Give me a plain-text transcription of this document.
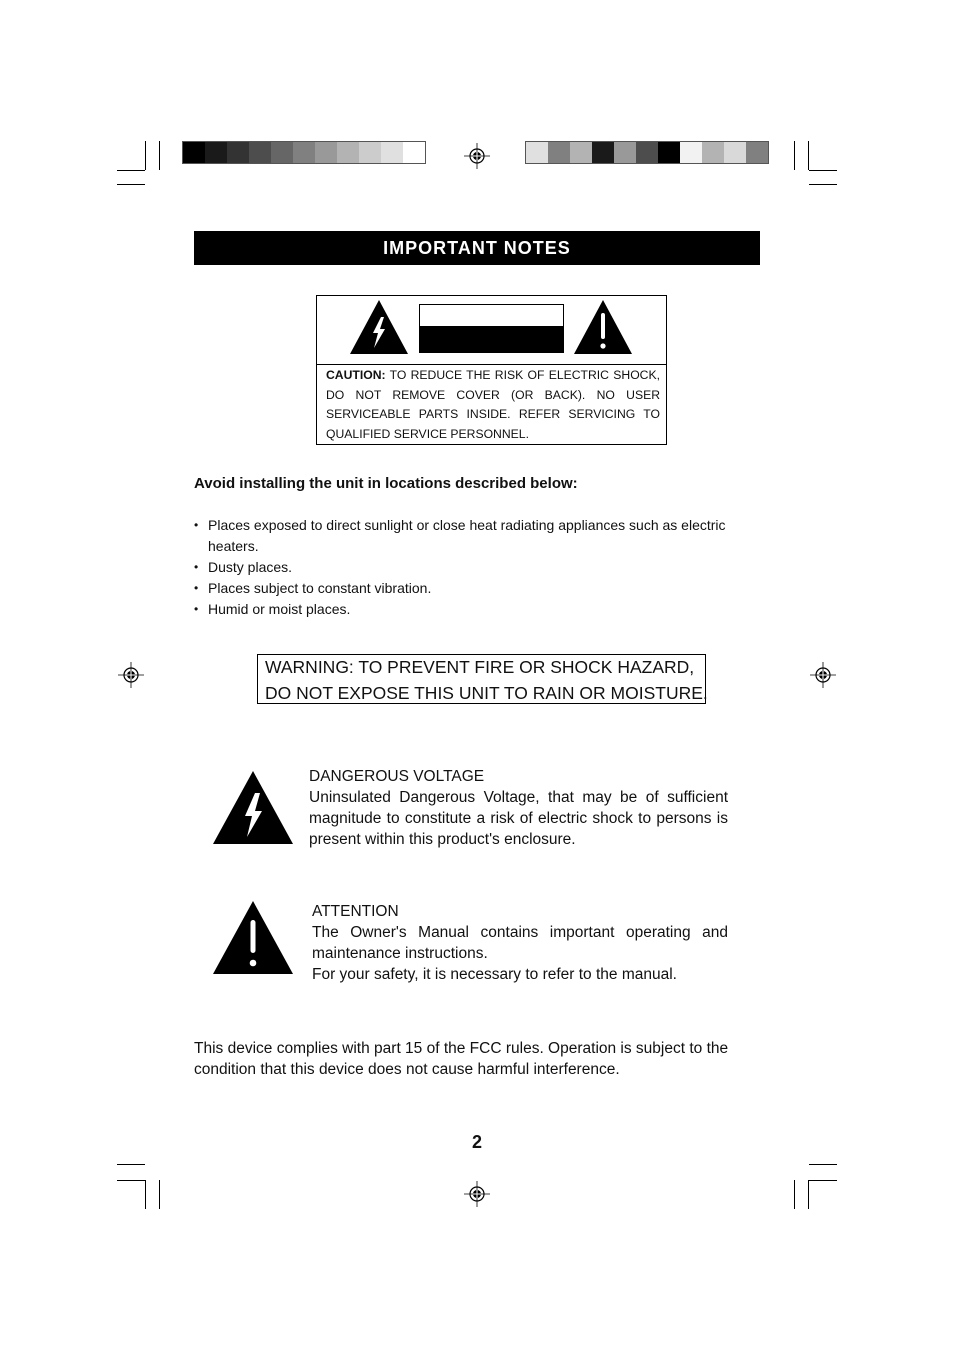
IMPORTANT NOTES
CAUTION: TO REDUCE THE RISK OF ELECTRIC SHOCK, DO NOT REMOVE COVER (OR BACK). NO USER SERVICEABLE PARTS INSIDE. REFER SERVICING TO QUALIFIED SERVICE PERSONNEL.
Avoid installing the unit in locations described below:
• Places exposed to direct sunlight or close heat radiating appliances such as electric heaters.
• Dusty places.
• Places subject to constant vibration.
• Humid or moist places.
WARNING: TO PREVENT FIRE OR SHOCK HAZARD,
DO NOT EXPOSE THIS UNIT TO RAIN OR MOISTURE.
DANGEROUS VOLTAGE
Uninsulated Dangerous Voltage, that may be of sufficient magnitude to constitute a risk of electric shock to persons is present within this product's enclosure.
ATTENTION
The Owner's Manual contains important operating and maintenance instructions.
For your safety, it is necessary to refer to the manual.
This device complies with part 15 of the FCC rules. Operation is subject to the condition that this device does not cause harmful interference.
2
